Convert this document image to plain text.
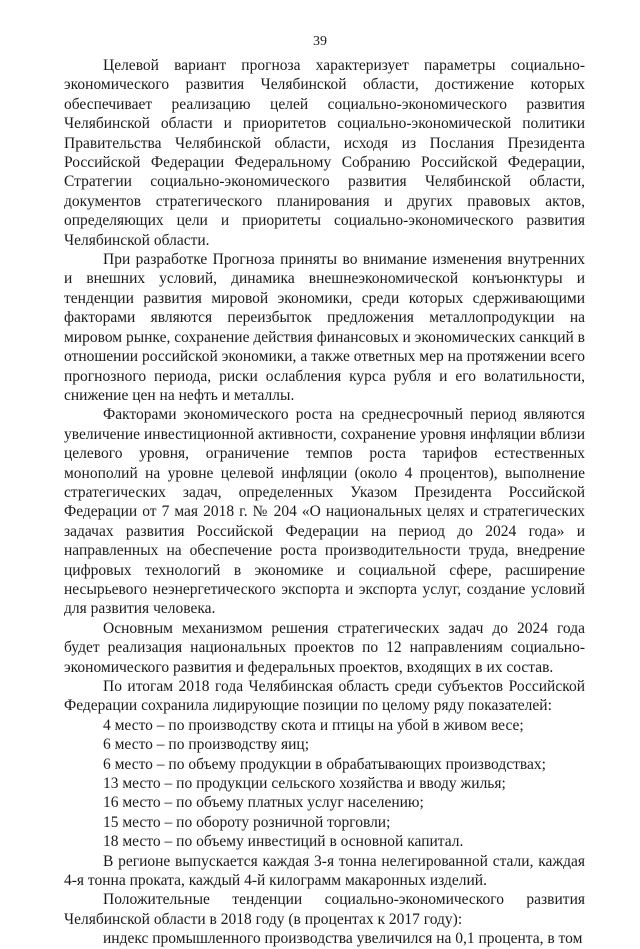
39

Целевой вариант прогноза характеризует параметры социально-экономического развития Челябинской области, достижение которых обеспечивает реализацию целей социально-экономического развития Челябинской области и приоритетов социально-экономической политики Правительства Челябинской области, исходя из Послания Президента Российской Федерации Федеральному Собранию Российской Федерации, Стратегии социально-экономического развития Челябинской области, документов стратегического планирования и других правовых актов, определяющих цели и приоритеты социально-экономического развития Челябинской области.

При разработке Прогноза приняты во внимание изменения внутренних и внешних условий, динамика внешнеэкономической конъюнктуры и тенденции развития мировой экономики, среди которых сдерживающими факторами являются переизбыток предложения металлопродукции на мировом рынке, сохранение действия финансовых и экономических санкций в отношении российской экономики, а также ответных мер на протяжении всего прогнозного периода, риски ослабления курса рубля и его волатильности, снижение цен на нефть и металлы.

Факторами экономического роста на среднесрочный период являются увеличение инвестиционной активности, сохранение уровня инфляции вблизи целевого уровня, ограничение темпов роста тарифов естественных монополий на уровне целевой инфляции (около 4 процентов), выполнение стратегических задач, определенных Указом Президента Российской Федерации от 7 мая 2018 г. № 204 «О национальных целях и стратегических задачах развития Российской Федерации на период до 2024 года» и направленных на обеспечение роста производительности труда, внедрение цифровых технологий в экономике и социальной сфере, расширение несырьевого неэнергетического экспорта и экспорта услуг, создание условий для развития человека.

Основным механизмом решения стратегических задач до 2024 года будет реализация национальных проектов по 12 направлениям социально-экономического развития и федеральных проектов, входящих в их состав.

По итогам 2018 года Челябинская область среди субъектов Российской Федерации сохранила лидирующие позиции по целому ряду показателей:

4 место – по производству скота и птицы на убой в живом весе;

6 место – по производству яиц;

6 место – по объему продукции в обрабатывающих производствах;

13 место – по продукции сельского хозяйства и вводу жилья;

16 место – по объему платных услуг населению;

15 место – по обороту розничной торговли;

18 место – по объему инвестиций в основной капитал.

В регионе выпускается каждая 3-я тонна нелегированной стали, каждая 4-я тонна проката, каждый 4-й килограмм макаронных изделий.

Положительные тенденции социально-экономического развития Челябинской области в 2018 году (в процентах к 2017 году):

индекс промышленного производства увеличился на 0,1 процента, в том
